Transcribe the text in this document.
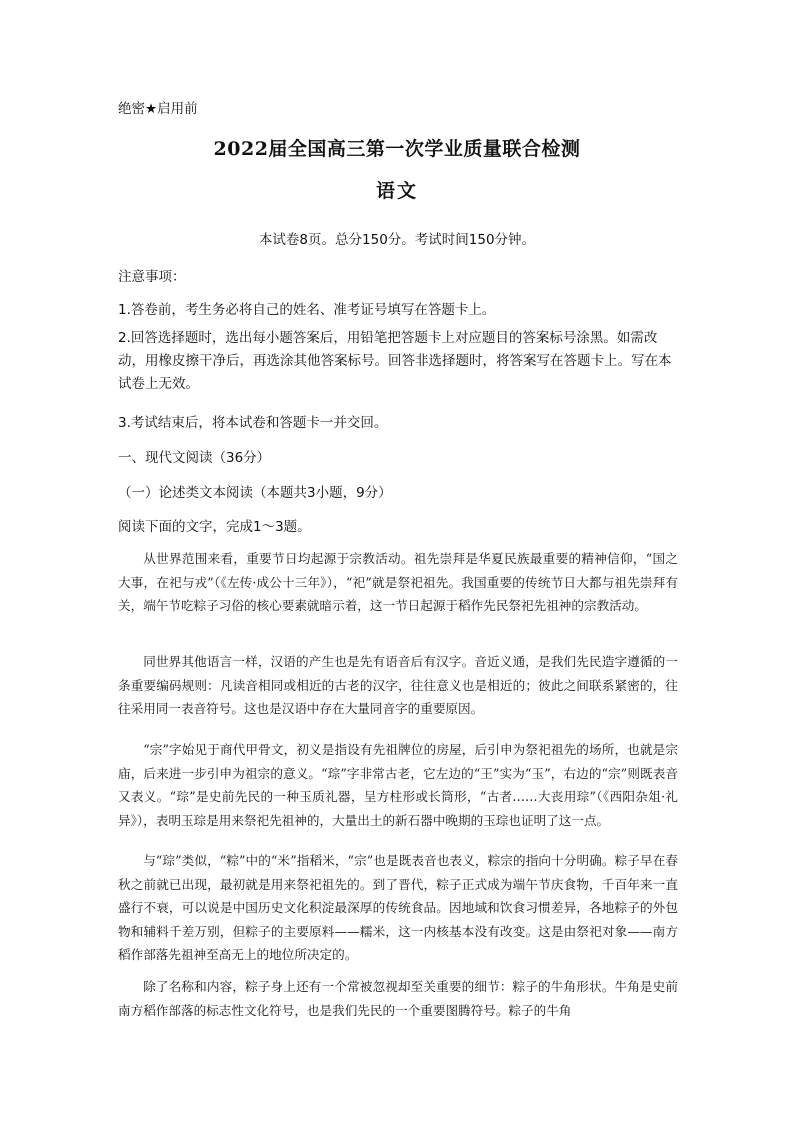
绝密★启用前
2022届全国高三第一次学业质量联合检测
语文
本试卷8页。总分150分。考试时间150分钟。
注意事项：
1.答卷前，考生务必将自己的姓名、准考证号填写在答题卡上。
2.回答选择题时，选出每小题答案后，用铅笔把答题卡上对应题目的答案标号涂黑。如需改动，用橡皮擦干净后，再选涂其他答案标号。回答非选择题时，将答案写在答题卡上。写在本试卷上无效。
3.考试结束后，将本试卷和答题卡一并交回。
一、现代文阅读（36分）
（一）论述类文本阅读（本题共3小题，9分）
阅读下面的文字，完成1～3题。
从世界范围来看，重要节日均起源于宗教活动。祖先崇拜是华夏民族最重要的精神信仰，“国之大事，在祀与戎”（《左传·成公十三年》），“祀”就是祭祀祖先。我国重要的传统节日大都与祖先崇拜有关，端午节吃粽子习俗的核心要素就暗示着，这一节日起源于稻作先民祭祀先祖神的宗教活动。
同世界其他语言一样，汉语的产生也是先有语音后有汉字。音近义通，是我们先民造字遵循的一条重要编码规则：凡读音相同或相近的古老的汉字，往往意义也是相近的；彼此之间联系紧密的，往往采用同一表音符号。这也是汉语中存在大量同音字的重要原因。
“宗”字始见于商代甲骨文，初义是指设有先祖牌位的房屋，后引申为祭祀祖先的场所，也就是宗庙，后来进一步引申为祖宗的意义。“琮”字非常古老，它左边的“王”实为“玉”，右边的“宗”则既表音又表义。“琮”是史前先民的一种玉质礼器，呈方柱形或长筒形，“古者……大丧用琮”（《西阳杂俎·礼异》），表明玉琮是用来祭祀先祖神的，大量出土的新石器中晚期的玉琮也证明了这一点。
与“琮”类似，“粽”中的“米”指稻米，“宗”也是既表音也表义，粽宗的指向十分明确。粽子早在春秋之前就已出现，最初就是用来祭祀祖先的。到了晋代，粽子正式成为端午节庆食物，千百年来一直盛行不衰，可以说是中国历史文化积淀最深厚的传统食品。因地域和饮食习惯差异，各地粽子的外包物和辅料千差万别，但粽子的主要原料——糯米，这一内核基本没有改变。这是由祭祀对象——南方稻作部落先祖神至高无上的地位所决定的。
除了名称和内容，粽子身上还有一个常被忽视却至关重要的细节：粽子的牛角形状。牛角是史前南方稻作部落的标志性文化符号，也是我们先民的一个重要图腾符号。粽子的牛角
